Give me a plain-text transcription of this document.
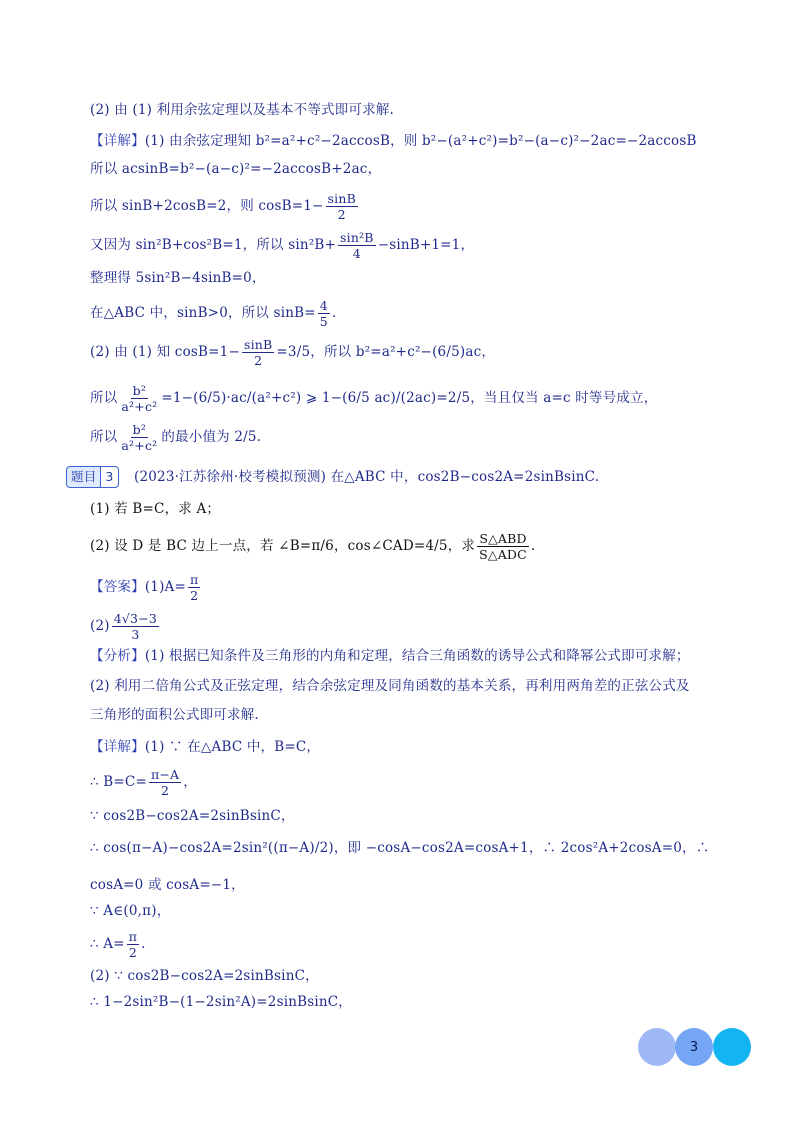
(2) 由 (1) 利用余弦定理以及基本不等式即可求解.
【详解】(1) 由余弦定理知 b²=a²+c²−2accosB，则 b²−(a²+c²)=b²−(a−c)²−2ac=−2accosB
所以 acsinB=b²−(a−c)²=−2accosB+2ac，
所以 sinB+2cosB=2，则 $\cos B=1- \frac{\sin B}{2}$
又因为 sin²B+cos²B=1，所以 $\sin^2B+ \frac{\text{sin²B}}{4} -\sin B+1=1$，
整理得 5sin²B−4sinB=0，
在△ABC 中，sinB>0，所以 $\sin B= \frac{4}{5}$ .
(2) 由 (1) 知 $\cos B=1- \frac{\sin B}{2} =3/5$，所以 b²=a²+c²−(6/5)ac，
所以 $\frac{\text{b²}}{\text{a²+c²}} =1-(6/5)\cdot ac/(a^2+c^2)$ ⩾ 1−(6/5 ac)/(2ac)=2/5，当且仅当 a=c 时等号成立，
所以 $\frac{\text{b²}}{\text{a²+c²}}$ 的最小值为 2/5.
题目 3 (2023·江苏徐州·校考模拟预测) 在△ABC 中，cos2B−cos2A=2sinBsinC.
(1) 若 B=C，求 A；
(2) 设 D 是 BC 边上一点，若 ∠B=π/6，cos∠CAD=4/5，求 $\frac{\text{S△ABD}}{\text{S△ADC}}$ .
【答案】$(1)A= \frac{\pi}{2}$
$(2) \frac{4√3-3}{3}$
【分析】(1) 根据已知条件及三角形的内角和定理，结合三角函数的诱导公式和降幂公式即可求解；
(2) 利用二倍角公式及正弦定理，结合余弦定理及同角函数的基本关系，再利用两角差的正弦公式及
三角形的面积公式即可求解.
【详解】(1) ∵ 在△ABC 中，B=C，
∴ $B=C= \frac{\pi-A}{2}$ ，
∵ cos2B−cos2A=2sinBsinC，
∴ cos(π−A)−cos2A=2sin²((π−A)/2)，即 −cosA−cos2A=cosA+1，∴ 2cos²A+2cosA=0，∴
cosA=0 或 cosA=−1，
∵ A∈(0,π)，
∴ $A= \frac{\pi}{2}$ .
(2) ∵ cos2B−cos2A=2sinBsinC，
∴ 1−2sin²B−(1−2sin²A)=2sinBsinC，
3
